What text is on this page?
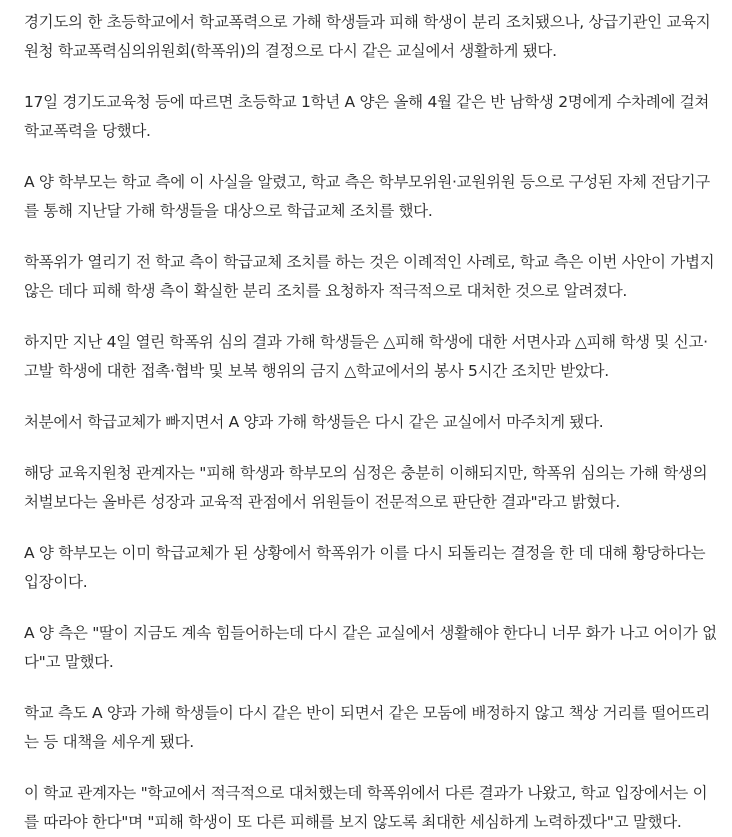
경기도의 한 초등학교에서 학교폭력으로 가해 학생들과 피해 학생이 분리 조치됐으나, 상급기관인 교육지원청 학교폭력심의위원회(학폭위)의 결정으로 다시 같은 교실에서 생활하게 됐다.

17일 경기도교육청 등에 따르면 초등학교 1학년 A 양은 올해 4월 같은 반 남학생 2명에게 수차례에 걸쳐 학교폭력을 당했다.

A 양 학부모는 학교 측에 이 사실을 알렸고, 학교 측은 학부모위원·교원위원 등으로 구성된 자체 전담기구를 통해 지난달 가해 학생들을 대상으로 학급교체 조치를 했다.

학폭위가 열리기 전 학교 측이 학급교체 조치를 하는 것은 이례적인 사례로, 학교 측은 이번 사안이 가볍지 않은 데다 피해 학생 측이 확실한 분리 조치를 요청하자 적극적으로 대처한 것으로 알려졌다.

하지만 지난 4일 열린 학폭위 심의 결과 가해 학생들은 △피해 학생에 대한 서면사과 △피해 학생 및 신고·고발 학생에 대한 접촉·협박 및 보복 행위의 금지 △학교에서의 봉사 5시간 조치만 받았다.

처분에서 학급교체가 빠지면서 A 양과 가해 학생들은 다시 같은 교실에서 마주치게 됐다.

해당 교육지원청 관계자는 "피해 학생과 학부모의 심정은 충분히 이해되지만, 학폭위 심의는 가해 학생의 처벌보다는 올바른 성장과 교육적 관점에서 위원들이 전문적으로 판단한 결과"라고 밝혔다.

A 양 학부모는 이미 학급교체가 된 상황에서 학폭위가 이를 다시 되돌리는 결정을 한 데 대해 황당하다는 입장이다.

A 양 측은 "딸이 지금도 계속 힘들어하는데 다시 같은 교실에서 생활해야 한다니 너무 화가 나고 어이가 없다"고 말했다.

학교 측도 A 양과 가해 학생들이 다시 같은 반이 되면서 같은 모둠에 배정하지 않고 책상 거리를 떨어뜨리는 등 대책을 세우게 됐다.

이 학교 관계자는 "학교에서 적극적으로 대처했는데 학폭위에서 다른 결과가 나왔고, 학교 입장에서는 이를 따라야 한다"며 "피해 학생이 또 다른 피해를 보지 않도록 최대한 세심하게 노력하겠다"고 말했다.
